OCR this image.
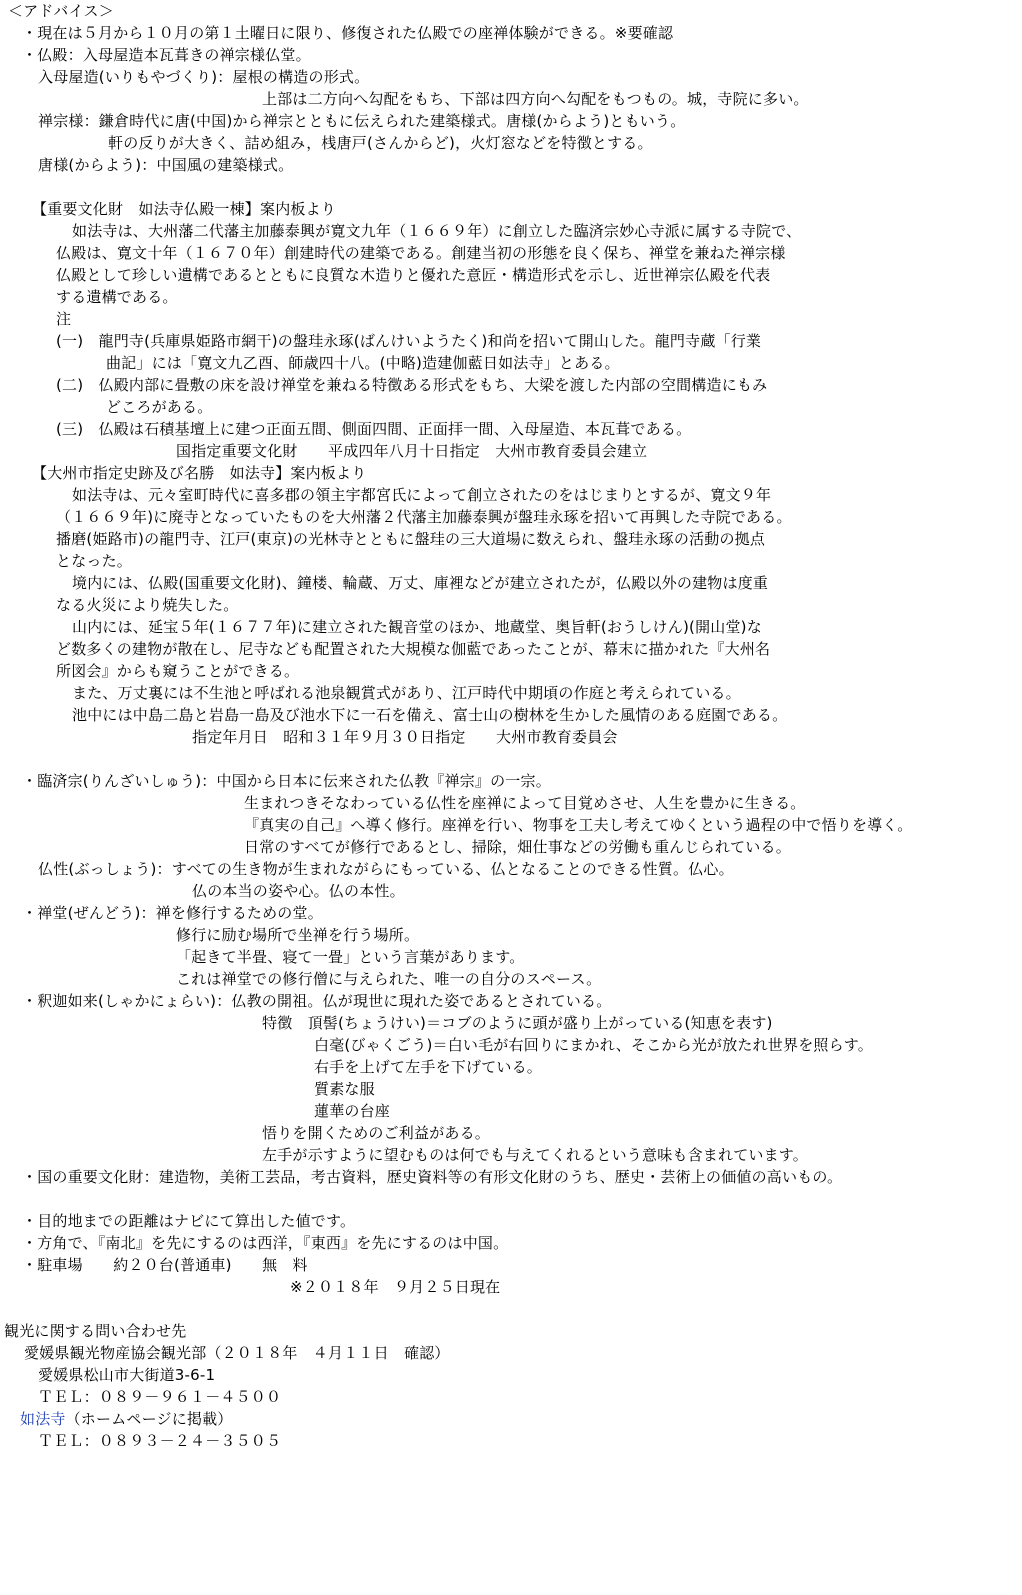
＜アドバイス＞
・現在は５月から１０月の第１土曜日に限り、修復された仏殿での座禅体験ができる。※要確認
・仏殿：入母屋造本瓦葺きの禅宗様仏堂。
入母屋造(いりもやづくり)：屋根の構造の形式。
上部は二方向へ勾配をもち、下部は四方向へ勾配をもつもの。城，寺院に多い。
禅宗様：鎌倉時代に唐(中国)から禅宗とともに伝えられた建築様式。唐様(からよう)ともいう。
軒の反りが大きく、詰め組み，桟唐戸(さんからど)，火灯窓などを特徴とする。
唐様(からよう)：中国風の建築様式。
【重要文化財　如法寺仏殿一棟】案内板より
如法寺は、大州藩二代藩主加藤泰興が寛文九年（１６６９年）に創立した臨済宗妙心寺派に属する寺院で、
仏殿は、寛文十年（１６７０年）創建時代の建築である。創建当初の形態を良く保ち、禅堂を兼ねた禅宗様
仏殿として珍しい遺構であるとともに良質な木造りと優れた意匠・構造形式を示し、近世禅宗仏殿を代表
する遺構である。
注
(一)　龍門寺(兵庫県姫路市網干)の盤珪永琢(ばんけいようたく)和尚を招いて開山した。龍門寺蔵「行業
曲記」には「寛文九乙酉、師歳四十八。(中略)造建伽藍日如法寺」とある。
(二)　仏殿内部に畳敷の床を設け禅堂を兼ねる特徴ある形式をもち、大梁を渡した内部の空間構造にもみ
どころがある。
(三)　仏殿は石積基壇上に建つ正面五間、側面四間、正面拝一間、入母屋造、本瓦葺である。
国指定重要文化財　　平成四年八月十日指定　大州市教育委員会建立
【大州市指定史跡及び名勝　如法寺】案内板より
如法寺は、元々室町時代に喜多郡の領主宇都宮氏によって創立されたのをはじまりとするが、寛文９年
（１６６９年)に廃寺となっていたものを大州藩２代藩主加藤泰興が盤珪永琢を招いて再興した寺院である。
播磨(姫路市)の龍門寺、江戸(東京)の光林寺とともに盤珪の三大道場に数えられ、盤珪永琢の活動の拠点
となった。
境内には、仏殿(国重要文化財)、鐘楼、輪蔵、万丈、庫裡などが建立されたが，仏殿以外の建物は度重
なる火災により焼失した。
山内には、延宝５年(１６７７年)に建立された観音堂のほか、地蔵堂、奥旨軒(おうしけん)(開山堂)な
ど数多くの建物が散在し、尼寺なども配置された大規模な伽藍であったことが、幕末に描かれた『大州名
所図会』からも窺うことができる。
また、万丈裏には不生池と呼ばれる池泉観賞式があり、江戸時代中期頃の作庭と考えられている。
池中には中島二島と岩島一島及び池水下に一石を備え、富士山の樹林を生かした風情のある庭園である。
指定年月日　昭和３１年９月３０日指定　　大州市教育委員会
・臨済宗(りんざいしゅう)：中国から日本に伝来された仏教『禅宗』の一宗。
生まれつきそなわっている仏性を座禅によって目覚めさせ、人生を豊かに生きる。
『真実の自己』へ導く修行。座禅を行い、物事を工夫し考えてゆくという過程の中で悟りを導く。
日常のすべてが修行であるとし、掃除，畑仕事などの労働も重んじられている。
仏性(ぶっしょう)：すべての生き物が生まれながらにもっている、仏となることのできる性質。仏心。
仏の本当の姿や心。仏の本性。
・禅堂(ぜんどう)：禅を修行するための堂。
修行に励む場所で坐禅を行う場所。
「起きて半畳、寝て一畳」という言葉があります。
これは禅堂での修行僧に与えられた、唯一の自分のスペース。
・釈迦如来(しゃかにょらい)：仏教の開祖。仏が現世に現れた姿であるとされている。
特徴　頂髻(ちょうけい)＝コブのように頭が盛り上がっている(知恵を表す)
白毫(びゃくごう)＝白い毛が右回りにまかれ、そこから光が放たれ世界を照らす。
右手を上げて左手を下げている。
質素な服
蓮華の台座
悟りを開くためのご利益がある。
左手が示すように望むものは何でも与えてくれるという意味も含まれています。
・国の重要文化財：建造物，美術工芸品，考古資料，歴史資料等の有形文化財のうち、歴史・芸術上の価値の高いもの。
・目的地までの距離はナビにて算出した値です。
・方角で、『南北』を先にするのは西洋，『東西』を先にするのは中国。
・駐車場　　約２０台(普通車)　　無　料
※２０１８年　９月２５日現在
観光に関する問い合わせ先
愛媛県観光物産協会観光部（２０１８年　４月１１日　確認）
愛媛県松山市大街道3-6-1
ＴＥＬ：０８９－９６１－４５００
如法寺（ホームページに掲載）
ＴＥＬ：０８９３－２４－３５０５
